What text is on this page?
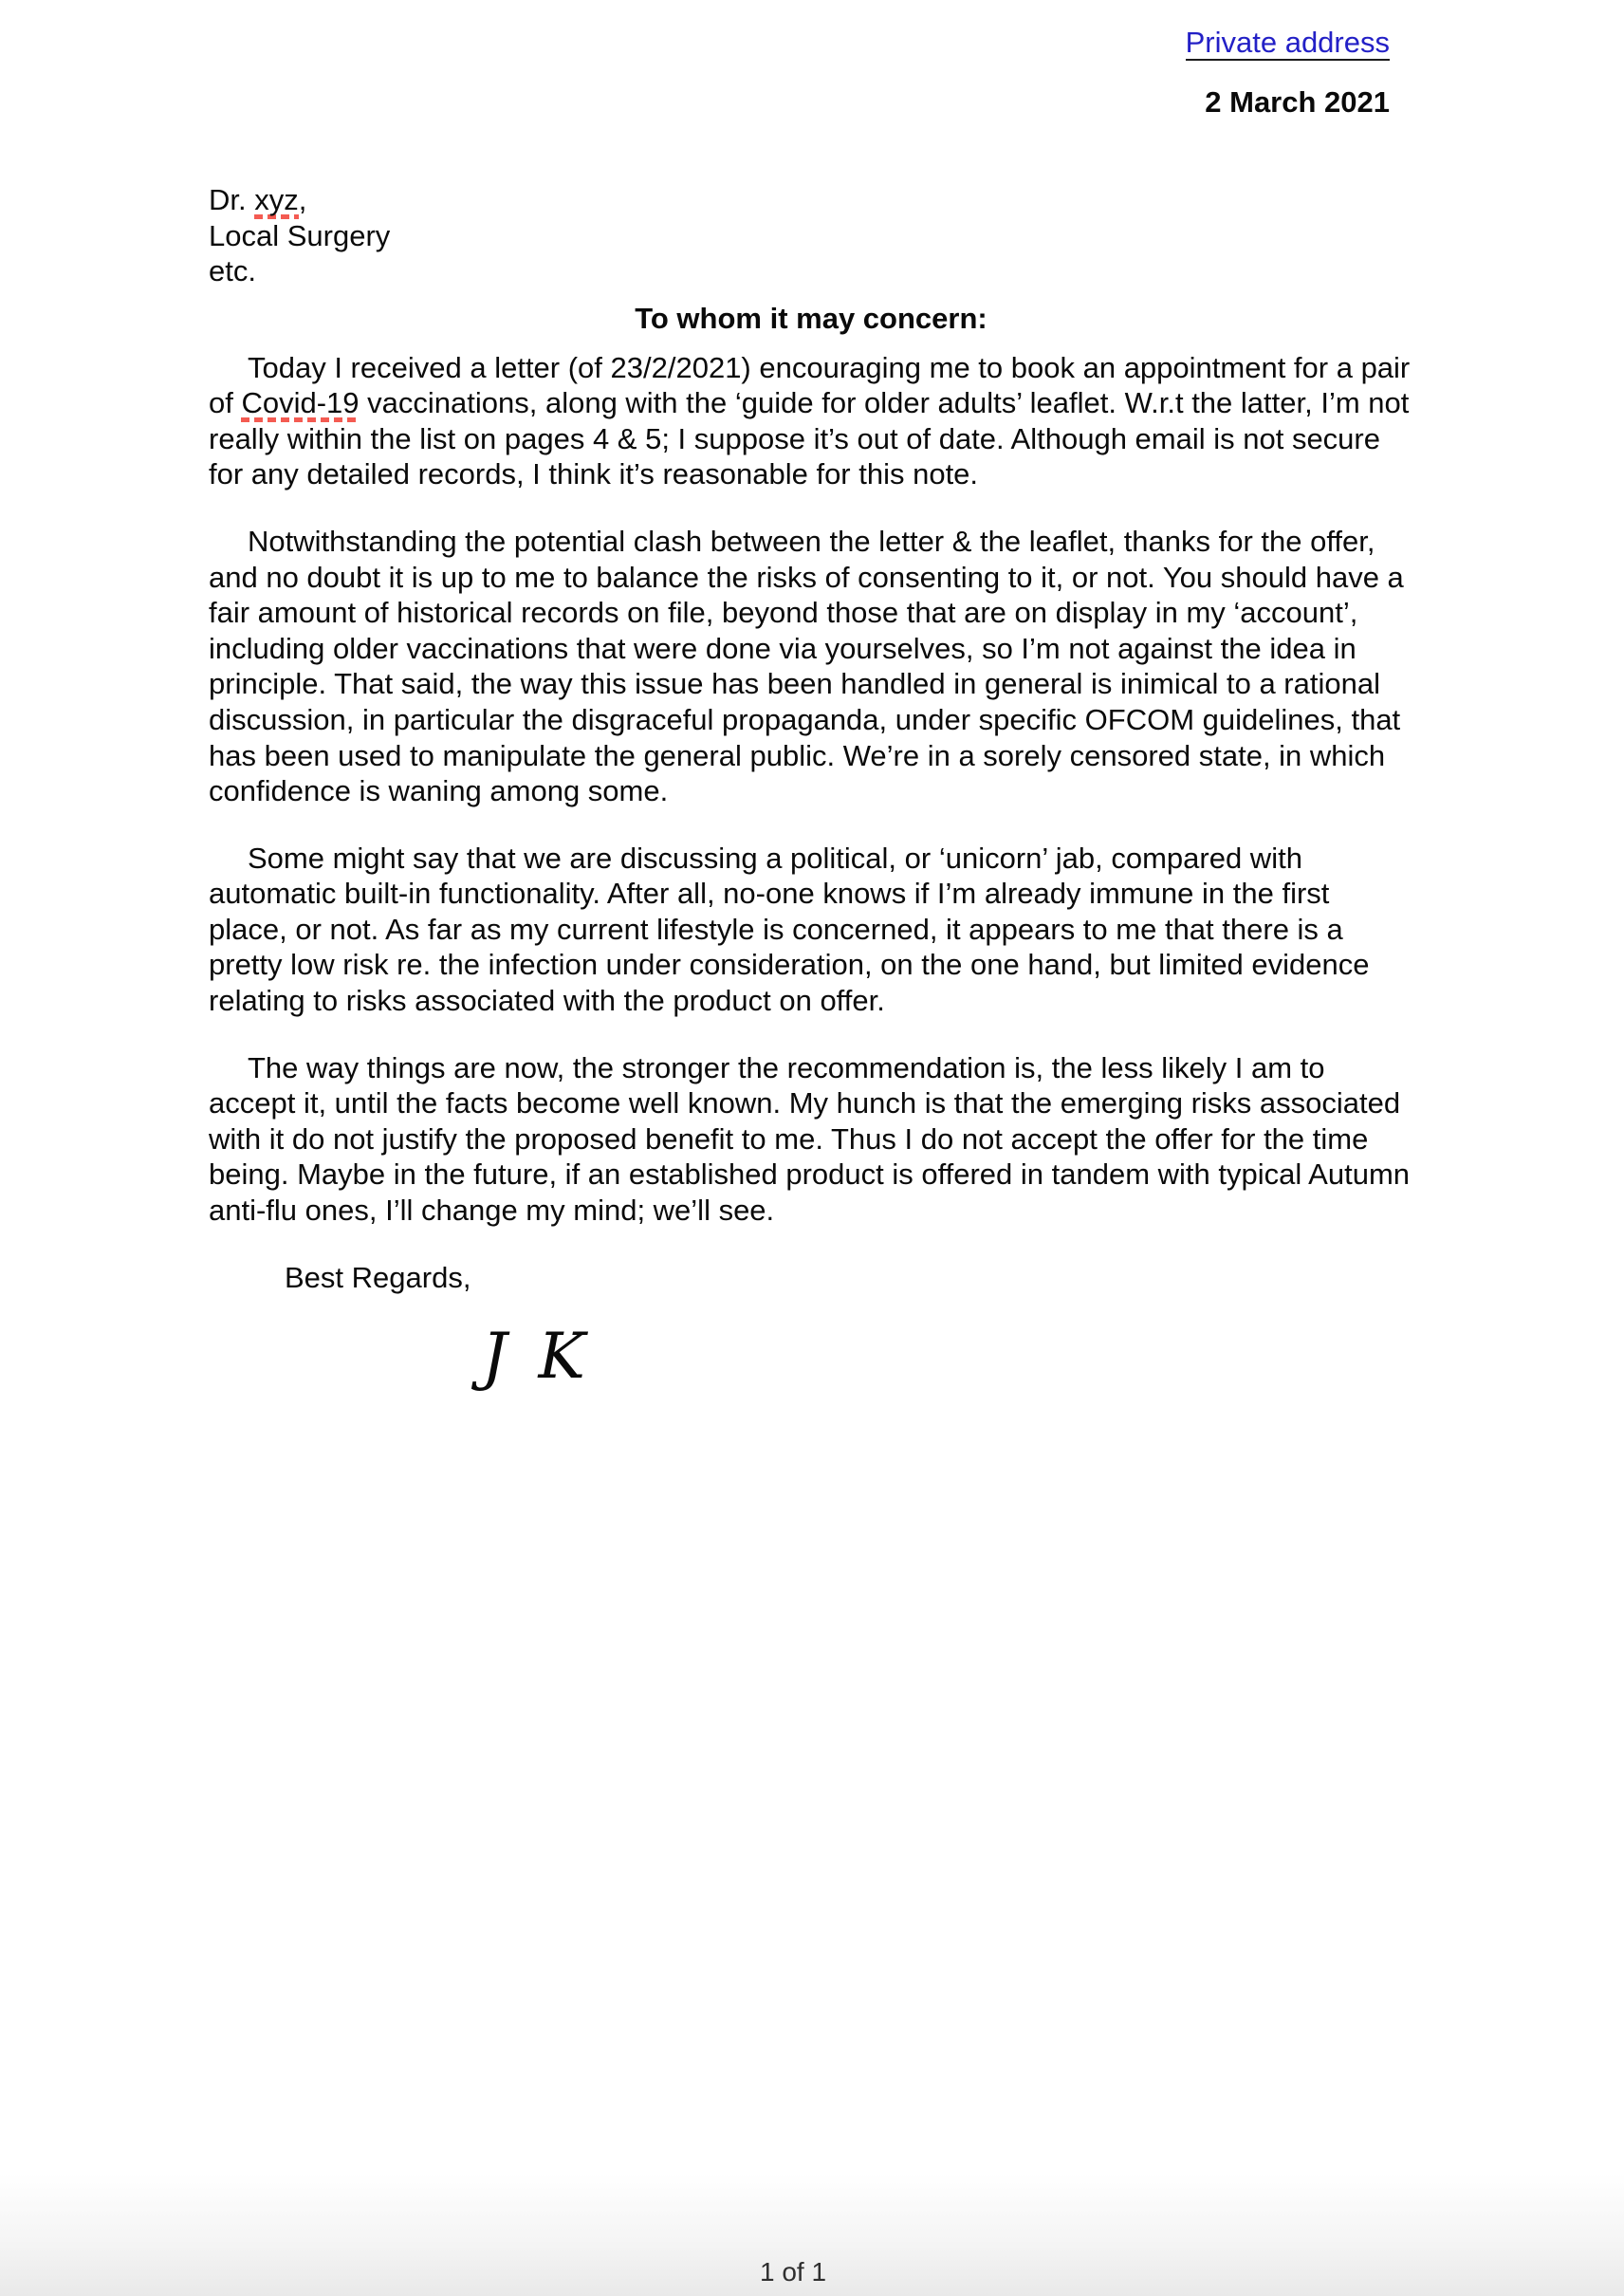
Private address
2 March 2021
Dr. xyz,
Local Surgery
etc.
To whom it may concern:

Today I received a letter (of 23/2/2021) encouraging me to book an appointment for a pair of Covid-19 vaccinations, along with the ‘guide for older adults’ leaflet. W.r.t the latter, I’m not really within the list on pages 4 & 5; I suppose it’s out of date. Although email is not secure for any detailed records, I think it’s reasonable for this note.

Notwithstanding the potential clash between the letter & the leaflet, thanks for the offer, and no doubt it is up to me to balance the risks of consenting to it, or not. You should have a fair amount of historical records on file, beyond those that are on display in my ‘account’, including older vaccinations that were done via yourselves, so I’m not against the idea in principle. That said, the way this issue has been handled in general is inimical to a rational discussion, in particular the disgraceful propaganda, under specific OFCOM guidelines, that has been used to manipulate the general public. We’re in a sorely censored state, in which confidence is waning among some.

Some might say that we are discussing a political, or ‘unicorn’ jab, compared with automatic built-in functionality. After all, no-one knows if I’m already immune in the first place, or not. As far as my current lifestyle is concerned, it appears to me that there is a pretty low risk re. the infection under consideration, on the one hand, but limited evidence relating to risks associated with the product on offer.

The way things are now, the stronger the recommendation is, the less likely I am to accept it, until the facts become well known. My hunch is that the emerging risks associated with it do not justify the proposed benefit to me. Thus I do not accept the offer for the time being. Maybe in the future, if an established product is offered in tandem with typical Autumn anti-flu ones, I’ll change my mind; we’ll see.

Best Regards,

J K
1 of 1
